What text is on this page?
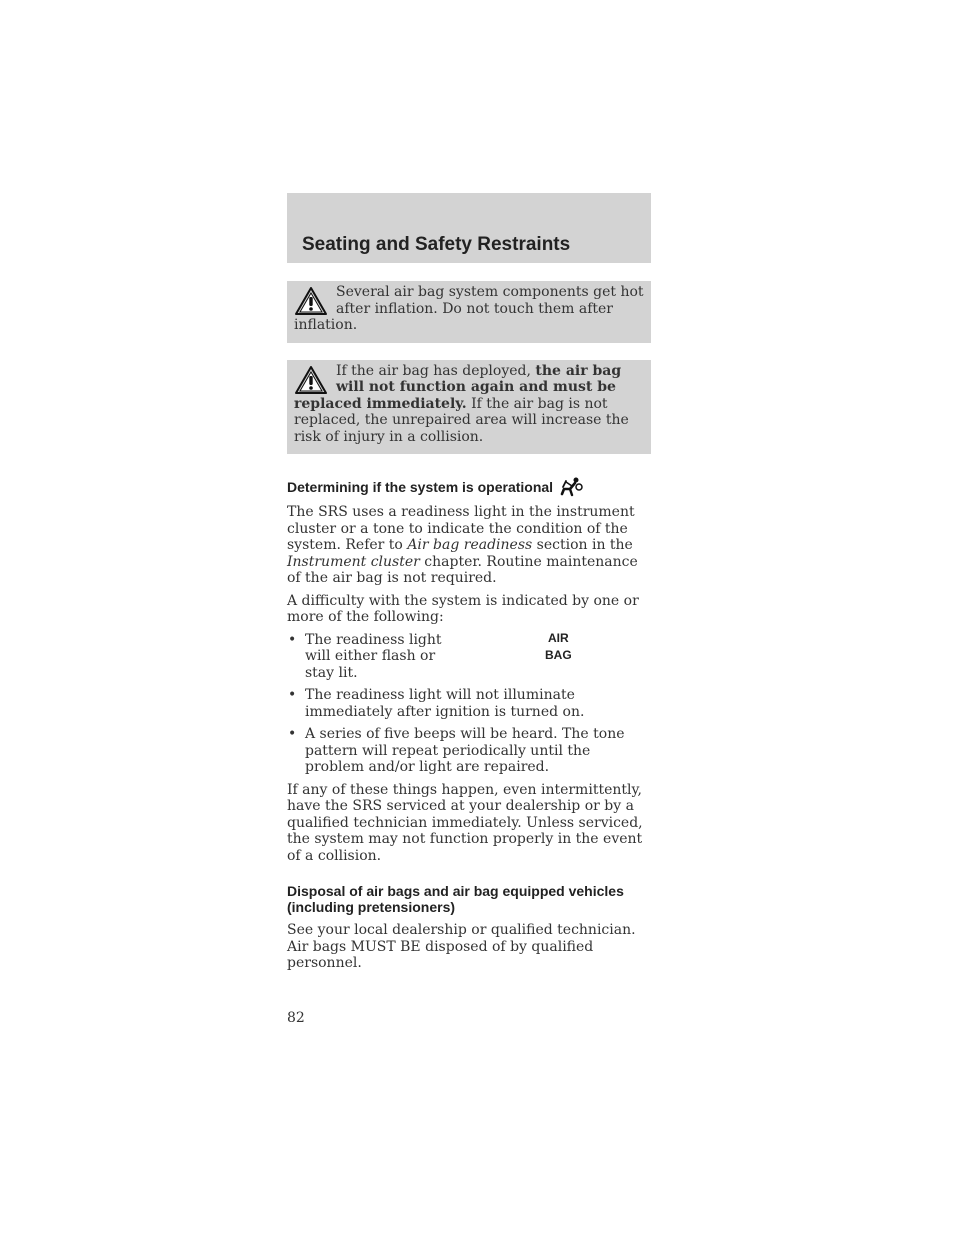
Seating and Safety Restraints
Several air bag system components get hot after inflation. Do not touch them after inflation.
If the air bag has deployed, the air bag will not function again and must be replaced immediately. If the air bag is not replaced, the unrepaired area will increase the risk of injury in a collision.
Determining if the system is operational

The SRS uses a readiness light in the instrument cluster or a tone to indicate the condition of the system. Refer to Air bag readiness section in the Instrument cluster chapter. Routine maintenance of the air bag is not required.

A difficulty with the system is indicated by one or more of the following:

• The readiness light will either flash or stay lit.
AIR
BAG
• The readiness light will not illuminate immediately after ignition is turned on.
• A series of five beeps will be heard. The tone pattern will repeat periodically until the problem and/or light are repaired.

If any of these things happen, even intermittently, have the SRS serviced at your dealership or by a qualified technician immediately. Unless serviced, the system may not function properly in the event of a collision.

Disposal of air bags and air bag equipped vehicles (including pretensioners)

See your local dealership or qualified technician. Air bags MUST BE disposed of by qualified personnel.

82
